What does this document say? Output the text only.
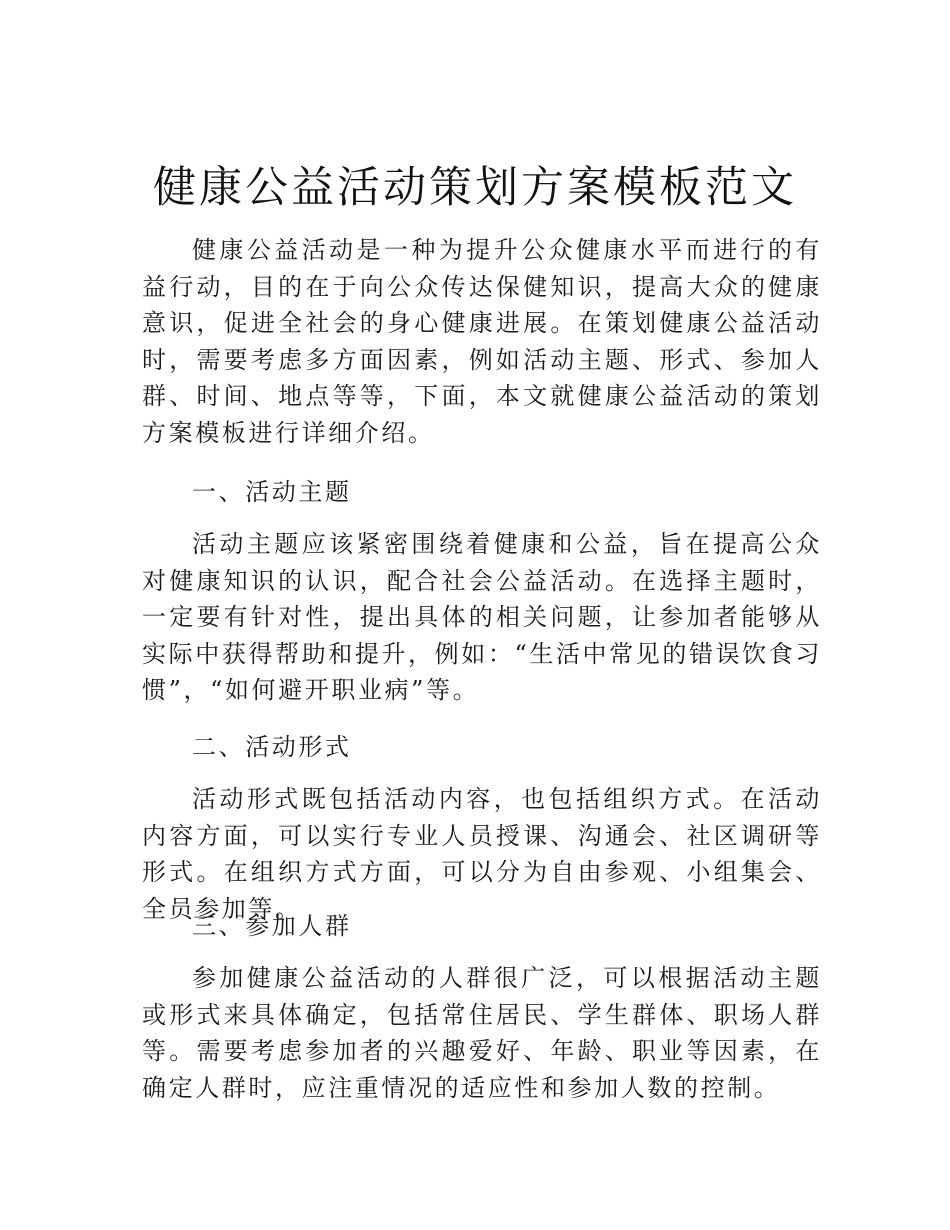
健康公益活动策划方案模板范文

健康公益活动是一种为提升公众健康水平而进行的有益行动，目的在于向公众传达保健知识，提高大众的健康意识，促进全社会的身心健康进展。在策划健康公益活动时，需要考虑多方面因素，例如活动主题、形式、参加人群、时间、地点等等，下面，本文就健康公益活动的策划方案模板进行详细介绍。

一、活动主题

活动主题应该紧密围绕着健康和公益，旨在提高公众对健康知识的认识，配合社会公益活动。在选择主题时，一定要有针对性，提出具体的相关问题，让参加者能够从实际中获得帮助和提升，例如：“生活中常见的错误饮食习惯”，“如何避开职业病”等。

二、活动形式

活动形式既包括活动内容，也包括组织方式。在活动内容方面，可以实行专业人员授课、沟通会、社区调研等形式。在组织方式方面，可以分为自由参观、小组集会、全员参加等。

三、参加人群

参加健康公益活动的人群很广泛，可以根据活动主题或形式来具体确定，包括常住居民、学生群体、职场人群等。需要考虑参加者的兴趣爱好、年龄、职业等因素，在确定人群时，应注重情况的适应性和参加人数的控制。
